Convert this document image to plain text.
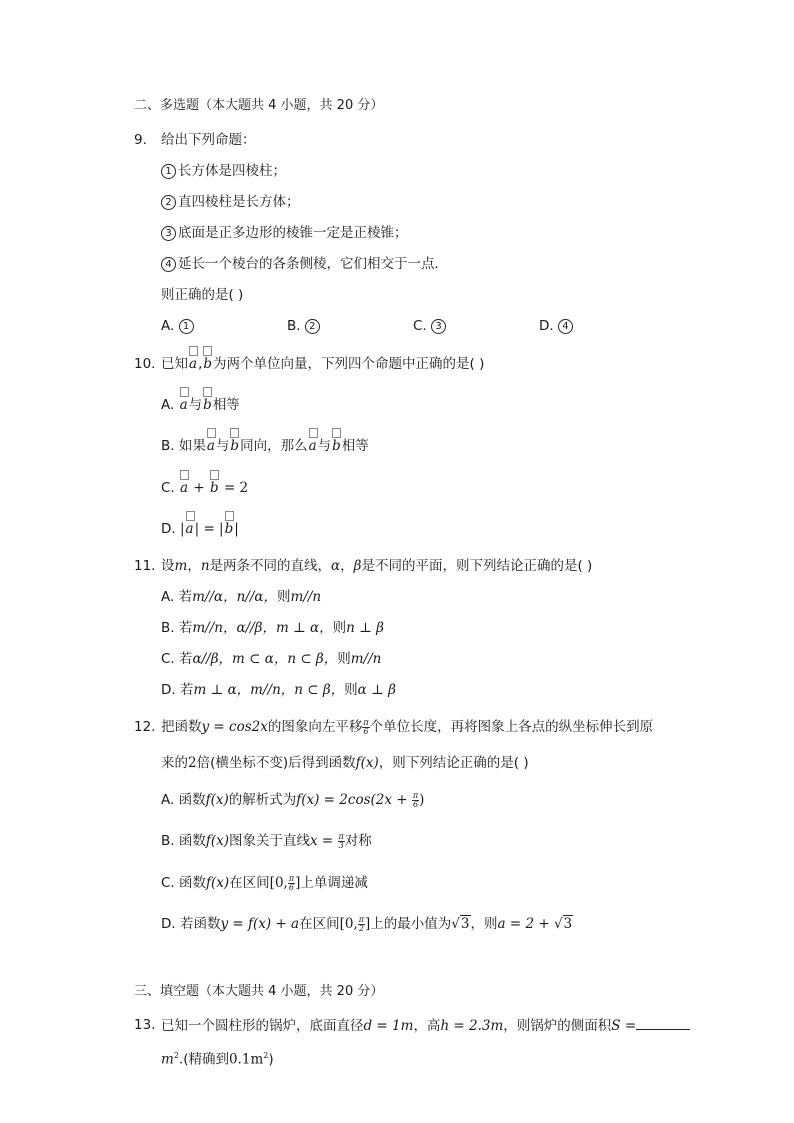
二、多选题（本大题共 4 小题，共 20 分）
9. 给出下列命题：
1 长方体是四棱柱；
2 直四棱柱是长方体；
3 底面是正多边形的棱锥一定是正棱锥；
4 延长一个棱台的各条侧棱，它们相交于一点．
则正确的是( )
A. 1	B. 2	C. 3	D. 4
10. 已知a,b为两个单位向量，下列四个命题中正确的是( )
A. a与b相等
B. 如果a与b同向，那么a与b相等
C. a + b = 2
D. |a| = |b|
11. 设m，n是两条不同的直线，α，β是不同的平面，则下列结论正确的是( )
A. 若m//α，n//α，则m//n
B. 若m//n，α//β，m ⊥ α，则n ⊥ β
C. 若α//β，m ⊂ α，n ⊂ β，则m//n
D. 若m ⊥ α，m//n，n ⊂ β，则α ⊥ β
12. 把函数y = cos2x的图象向左平移 $\frac{\pi}{6}$ 个单位长度，再将图象上各点的纵坐标伸长到原
来的2倍(横坐标不变)后得到函数f(x)，则下列结论正确的是( )
A. 函数f(x)的解析式为$f(x) = 2\cos(2x + \frac{\pi}{6}$ )
B. 函数f(x)图象关于直线$x = \frac{\pi}{3}$ 对称
C. 函数f(x)在区间[0, $\frac{\pi}{6}$ ]上单调递减
D. 若函数y = f(x) + a在区间[0, $\frac{\pi}{2}$ ]上的最小值为√3，则a = 2 + √3
三、填空题（本大题共 4 小题，共 20 分）
13. 已知一个圆柱形的锅炉，底面直径d = 1m，高h = 2.3m，则锅炉的侧面积S =
$m^2$.(精确到$0.1m^2$)
